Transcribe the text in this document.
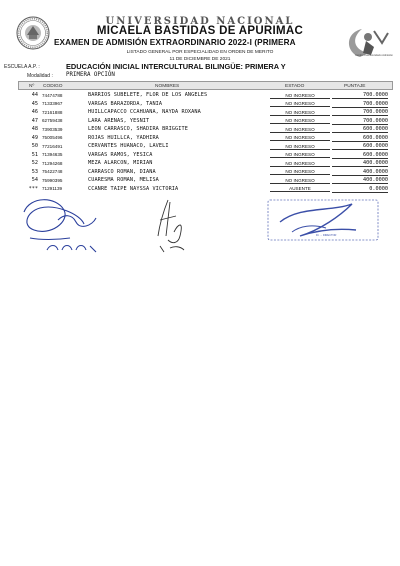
Centro Preuniversitario Admisión
UNIVERSIDAD NACIONAL
MICAELA BASTIDAS DE APURIMAC
EXAMEN DE ADMISIÓN EXTRAORDINARIO 2022-I (PRIMERA
LISTADO GENERAL POR ESPECIALIDAD EN ORDEN DE MERITO
11 DE DICIEMBRE DE 2021
ESCUELA A.P. :	EDUCACIÓN INICIAL INTERCULTURAL BILINGÜE: PRIMERA Y
Modalidad : PRIMERA OPCIÓN
Nº CODIGO	NOMBRES	ESTADO	PUNTAJE
44 74474788	BARRIOS SUBELETE, FLOR DE LOS ANGELES	NO INGRESO	700.0000
45 71333967	VARGAS BARAZORDA, TANIA	NO INGRESO	700.0000
46 72161888	HUILLCAPACCO CCAHUANA, NAYDA ROXANA	NO INGRESO	700.0000
47 62759438	LARA ARENAS, YESNIT	NO INGRESO	700.0000
48 73903539	LEON CARRASCO, SHADIRA BRIGGITE	NO INGRESO	600.0000
49 75005496	ROJAS HUILLCA, YADHIRA	NO INGRESO	600.0000
50 77216491	CERVANTES HUANACO, LAVELI	NO INGRESO	600.0000
51 71394635	VARGAS RAMOS, YESICA	NO INGRESO	600.0000
52 71294268	MEZA ALARCON, MIRIAN	NO INGRESO	400.0000
53 75422748	CARRASCO ROMAN, DIANA	NO INGRESO	400.0000
54 75990395	CUARESMA ROMAN, MELISA	NO INGRESO	400.0000
*** 71291139	CCANRE TAIPE NAYSSA VICTORIA	AUSENTE	0.0000
Dr. ... DIRECTOR
